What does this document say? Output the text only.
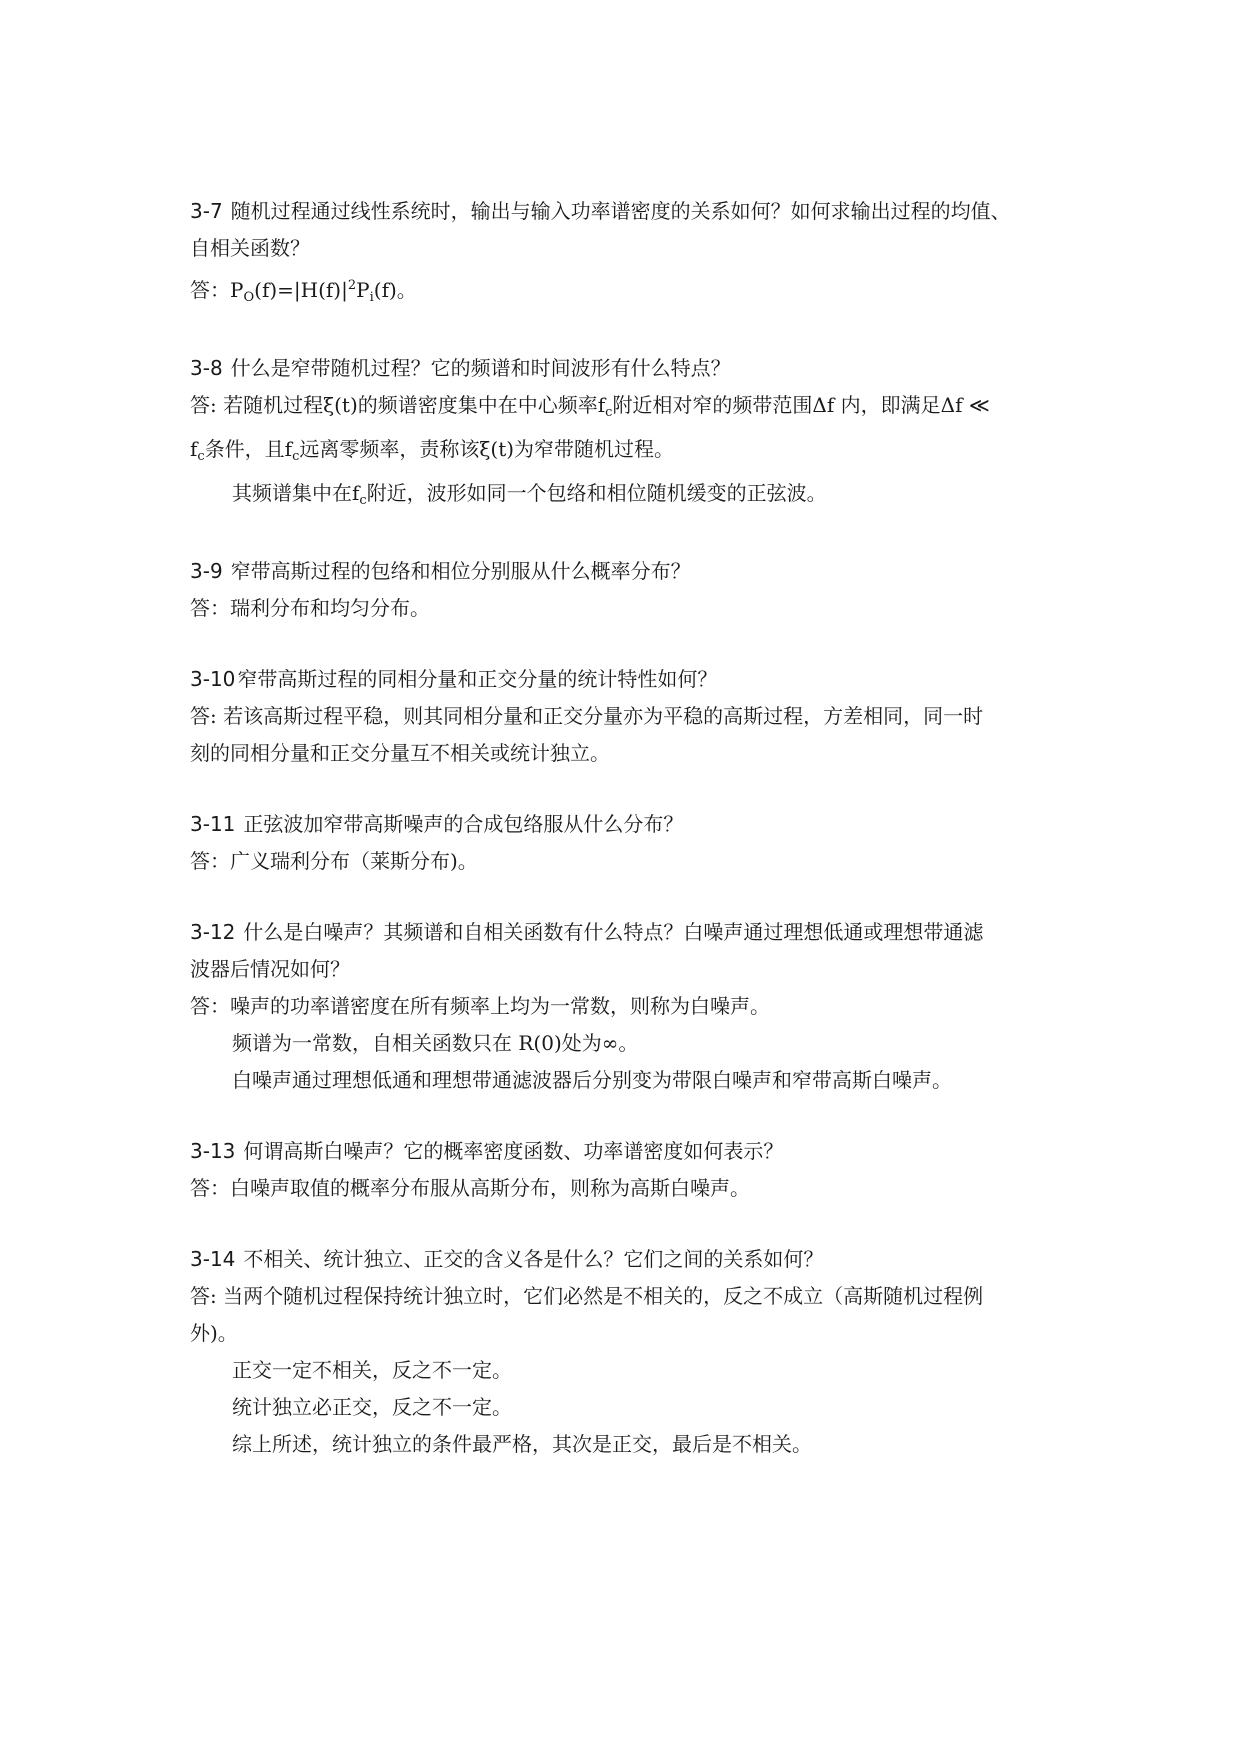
3-7 随机过程通过线性系统时，输出与输入功率谱密度的关系如何？如何求输出过程的均值、
自相关函数？
答：$P_O(f)=|H(f)|^2P_i(f)$。
3-8 什么是窄带随机过程？它的频谱和时间波形有什么特点？
答: 若随机过程ξ(t)的频谱密度集中在中心频率$f_c$附近相对窄的频带范围Δf 内，即满足Δf ≪
$f_c$条件，且$f_c$远离零频率，责称该ξ(t)为窄带随机过程。
其频谱集中在$f_c$附近，波形如同一个包络和相位随机缓变的正弦波。
3-9 窄带高斯过程的包络和相位分别服从什么概率分布？
答：瑞利分布和均匀分布。
3-10 窄带高斯过程的同相分量和正交分量的统计特性如何？
答: 若该高斯过程平稳，则其同相分量和正交分量亦为平稳的高斯过程，方差相同，同一时
刻的同相分量和正交分量互不相关或统计独立。
3-11 正弦波加窄带高斯噪声的合成包络服从什么分布？
答：广义瑞利分布（莱斯分布)。
3-12 什么是白噪声？其频谱和自相关函数有什么特点？白噪声通过理想低通或理想带通滤
波器后情况如何？
答：噪声的功率谱密度在所有频率上均为一常数，则称为白噪声。
频谱为一常数，自相关函数只在 R(0)处为∞。
白噪声通过理想低通和理想带通滤波器后分别变为带限白噪声和窄带高斯白噪声。
3-13 何谓高斯白噪声？它的概率密度函数、功率谱密度如何表示？
答：白噪声取值的概率分布服从高斯分布，则称为高斯白噪声。
3-14 不相关、统计独立、正交的含义各是什么？它们之间的关系如何？
答: 当两个随机过程保持统计独立时，它们必然是不相关的，反之不成立（高斯随机过程例
外)。
正交一定不相关，反之不一定。
统计独立必正交，反之不一定。
综上所述，统计独立的条件最严格，其次是正交，最后是不相关。
